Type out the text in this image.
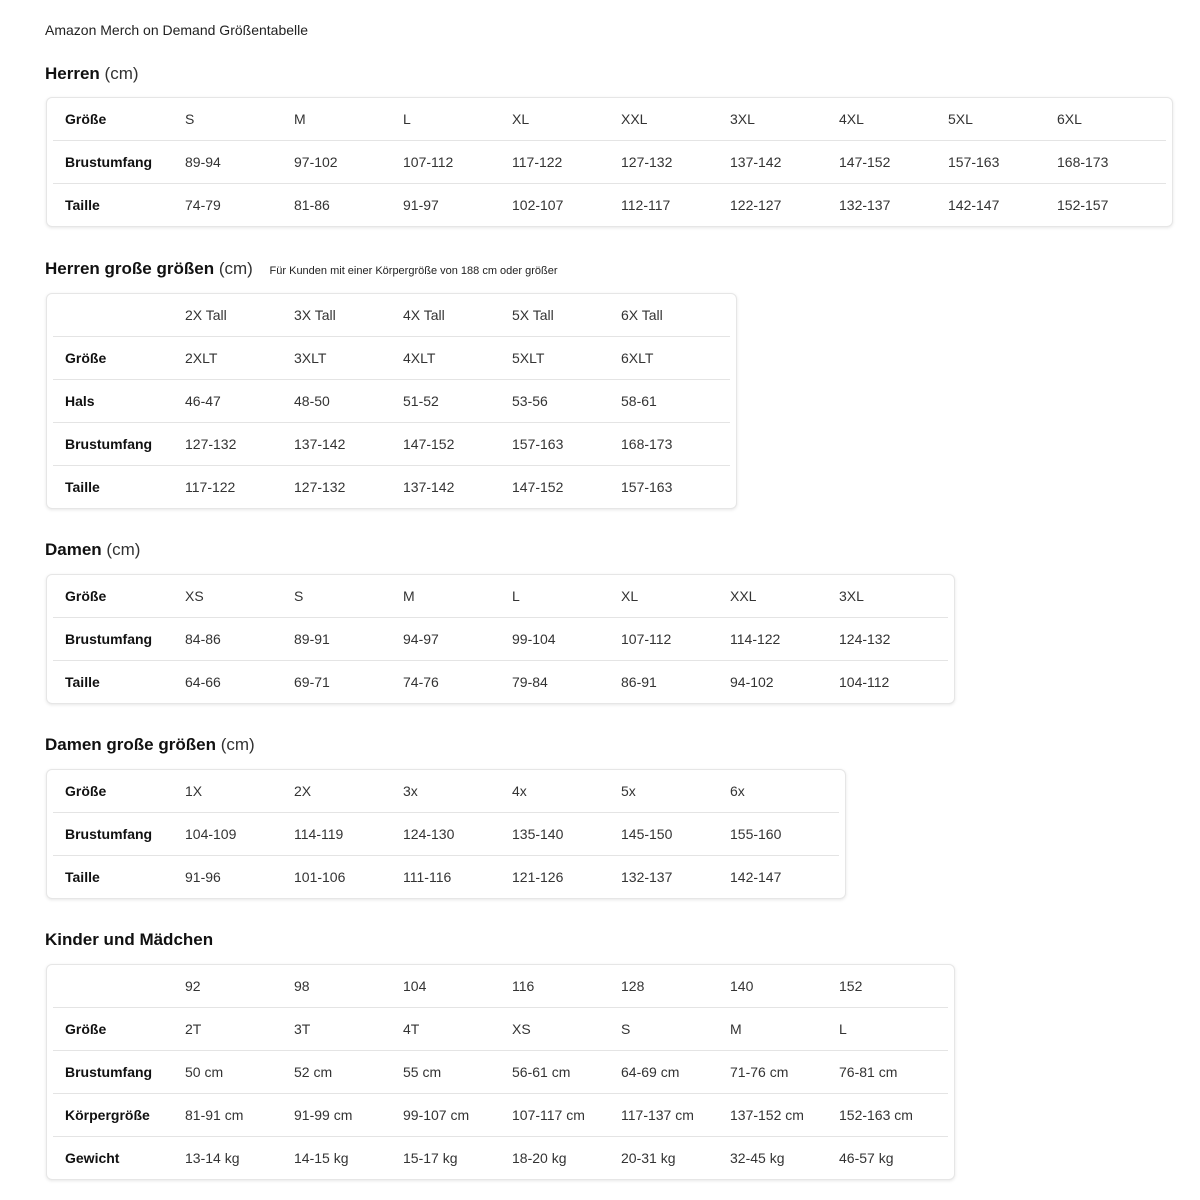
Amazon Merch on Demand Größentabelle
Herren (cm)
Größe	S	M	L	XL	XXL	3XL	4XL	5XL	6XL
Brustumfang	89-94	97-102	107-112	117-122	127-132	137-142	147-152	157-163	168-173
Taille	74-79	81-86	91-97	102-107	112-117	122-127	132-137	142-147	152-157
Herren große größen (cm) Für Kunden mit einer Körpergröße von 188 cm oder größer
	2X Tall	3X Tall	4X Tall	5X Tall	6X Tall
Größe	2XLT	3XLT	4XLT	5XLT	6XLT
Hals	46-47	48-50	51-52	53-56	58-61
Brustumfang	127-132	137-142	147-152	157-163	168-173
Taille	117-122	127-132	137-142	147-152	157-163
Damen (cm)
Größe	XS	S	M	L	XL	XXL	3XL
Brustumfang	84-86	89-91	94-97	99-104	107-112	114-122	124-132
Taille	64-66	69-71	74-76	79-84	86-91	94-102	104-112
Damen große größen (cm)
Größe	1X	2X	3x	4x	5x	6x
Brustumfang	104-109	114-119	124-130	135-140	145-150	155-160
Taille	91-96	101-106	111-116	121-126	132-137	142-147
Kinder und Mädchen
	92	98	104	116	128	140	152
Größe	2T	3T	4T	XS	S	M	L
Brustumfang	50 cm	52 cm	55 cm	56-61 cm	64-69 cm	71-76 cm	76-81 cm
Körpergröße	81-91 cm	91-99 cm	99-107 cm	107-117 cm	117-137 cm	137-152 cm	152-163 cm
Gewicht	13-14 kg	14-15 kg	15-17 kg	18-20 kg	20-31 kg	32-45 kg	46-57 kg
